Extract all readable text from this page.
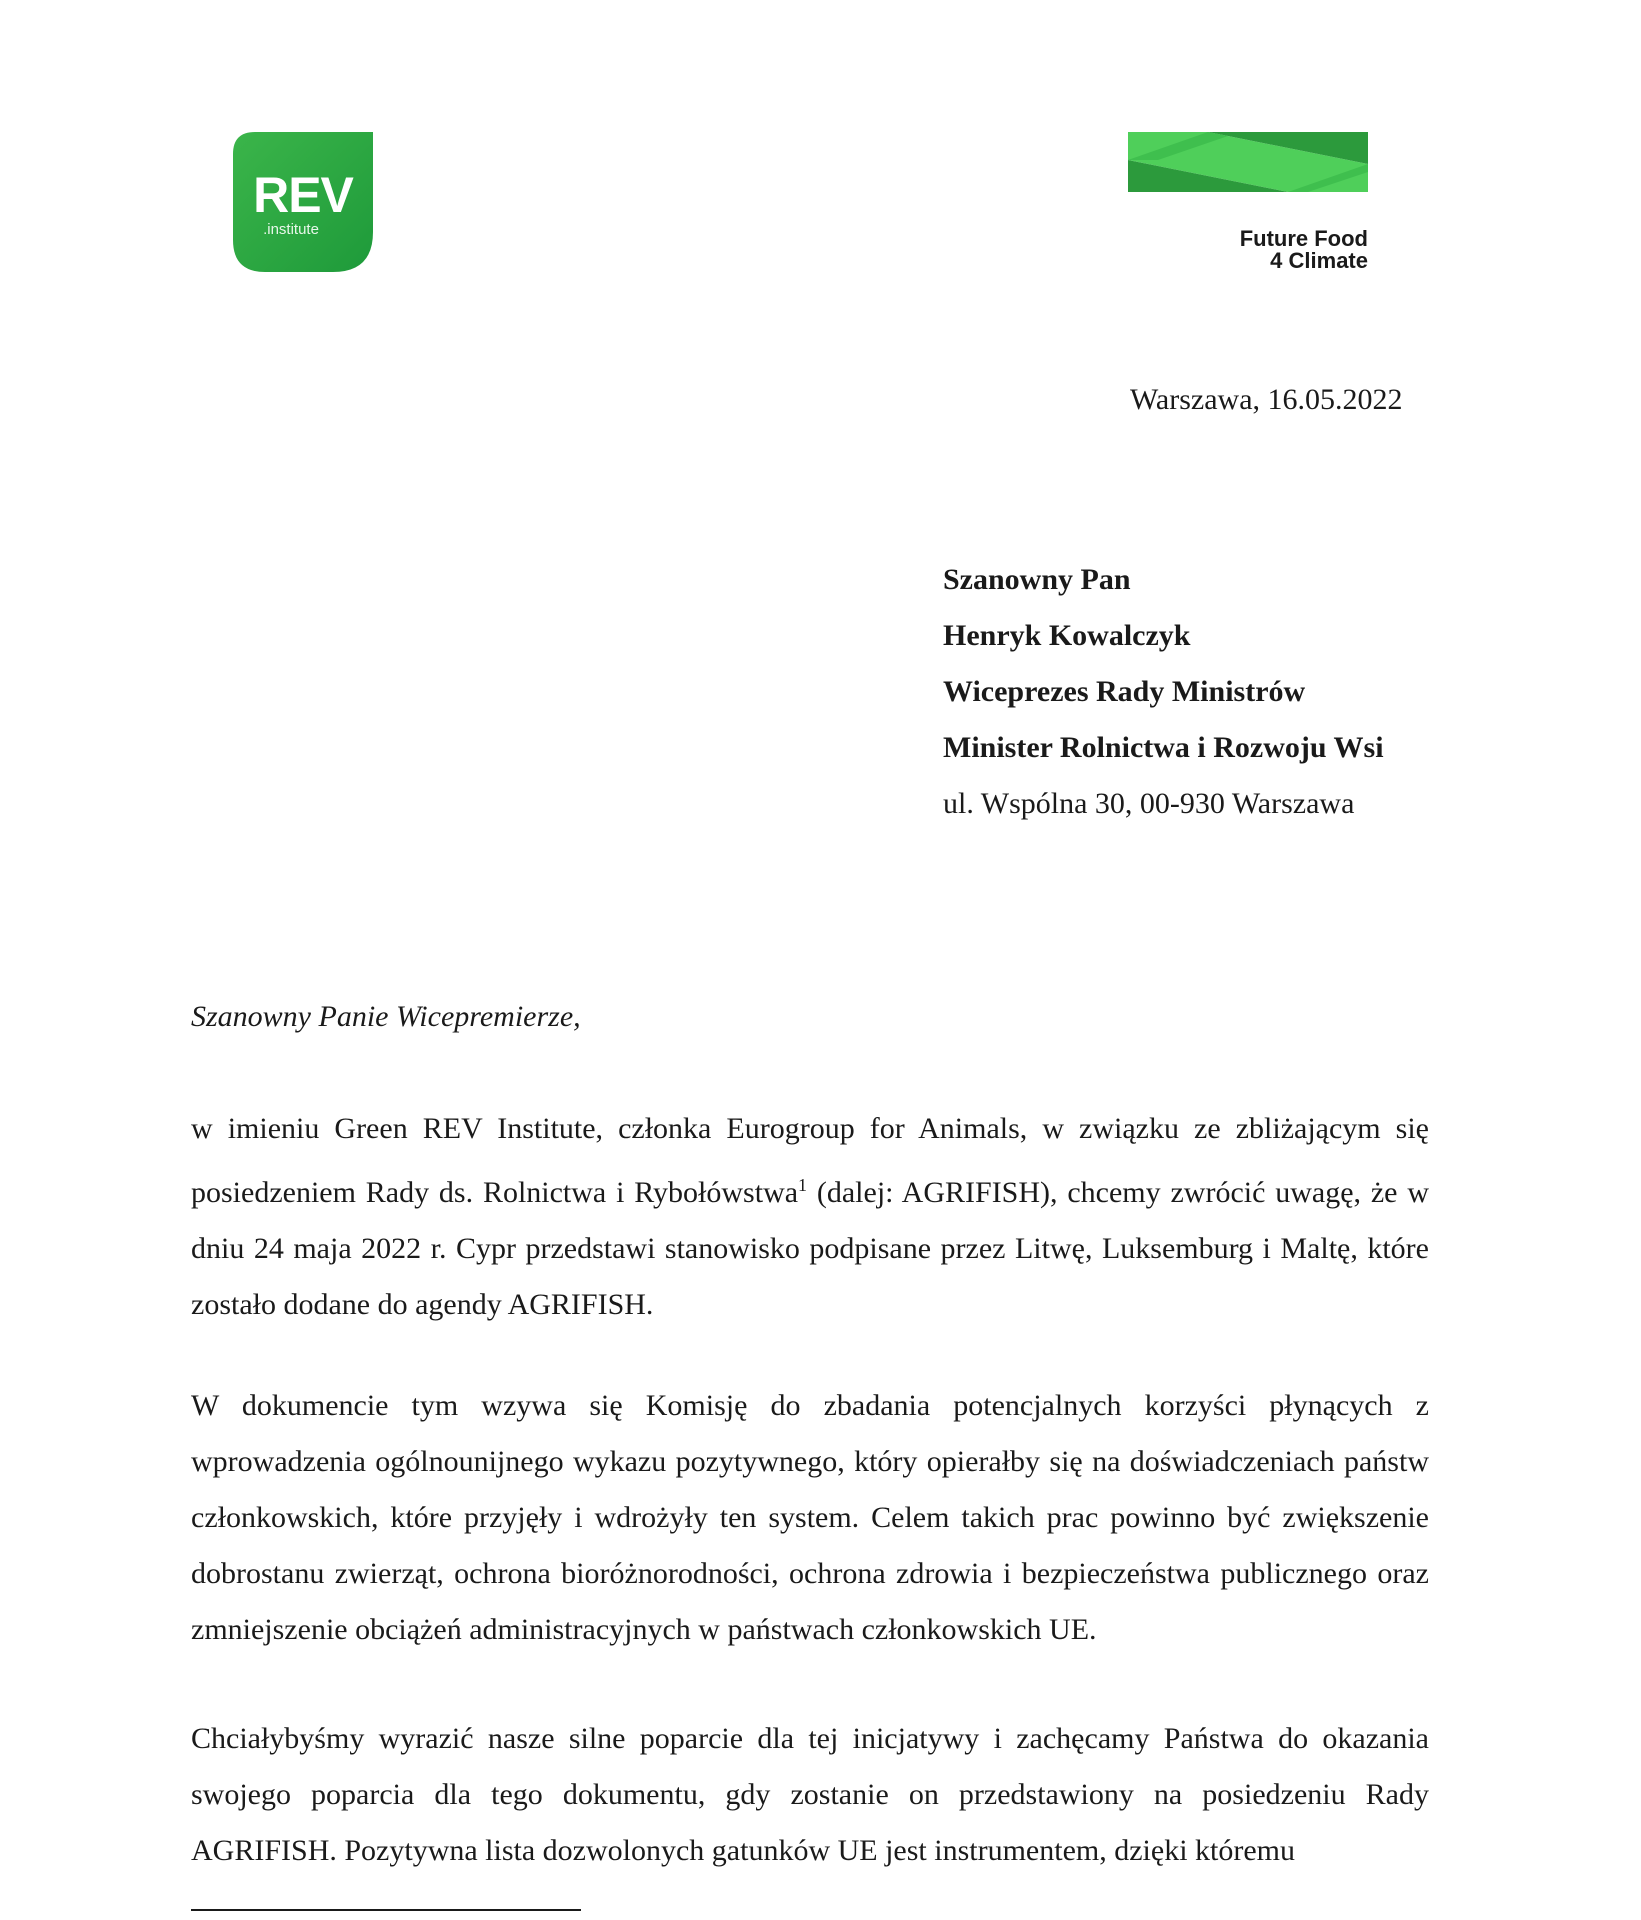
REV
.institute	Future Food
4 Climate
Warszawa, 16.05.2022
Szanowny Pan
Henryk Kowalczyk
Wiceprezes Rady Ministrów
Minister Rolnictwa i Rozwoju Wsi
ul. Wspólna 30, 00-930 Warszawa
Szanowny Panie Wicepremierze,

w imieniu Green REV Institute, członka Eurogroup for Animals, w związku ze zbliżającym się posiedzeniem Rady ds. Rolnictwa i Rybołówstwa$^1$ (dalej: AGRIFISH), chcemy zwrócić uwagę, że w dniu 24 maja 2022 r. Cypr przedstawi stanowisko podpisane przez Litwę, Luksemburg i Maltę, które zostało dodane do agendy AGRIFISH.

W dokumencie tym wzywa się Komisję do zbadania potencjalnych korzyści płynących z wprowadzenia ogólnounijnego wykazu pozytywnego, który opierałby się na doświadczeniach państw członkowskich, które przyjęły i wdrożyły ten system. Celem takich prac powinno być zwiększenie dobrostanu zwierząt, ochrona bioróżnorodności, ochrona zdrowia i bezpieczeństwa publicznego oraz zmniejszenie obciążeń administracyjnych w państwach członkowskich UE.

Chciałybyśmy wyrazić nasze silne poparcie dla tej inicjatywy i zachęcamy Państwa do okazania swojego poparcia dla tego dokumentu, gdy zostanie on przedstawiony na posiedzeniu Rady AGRIFISH. Pozytywna lista dozwolonych gatunków UE jest instrumentem, dzięki któremu
